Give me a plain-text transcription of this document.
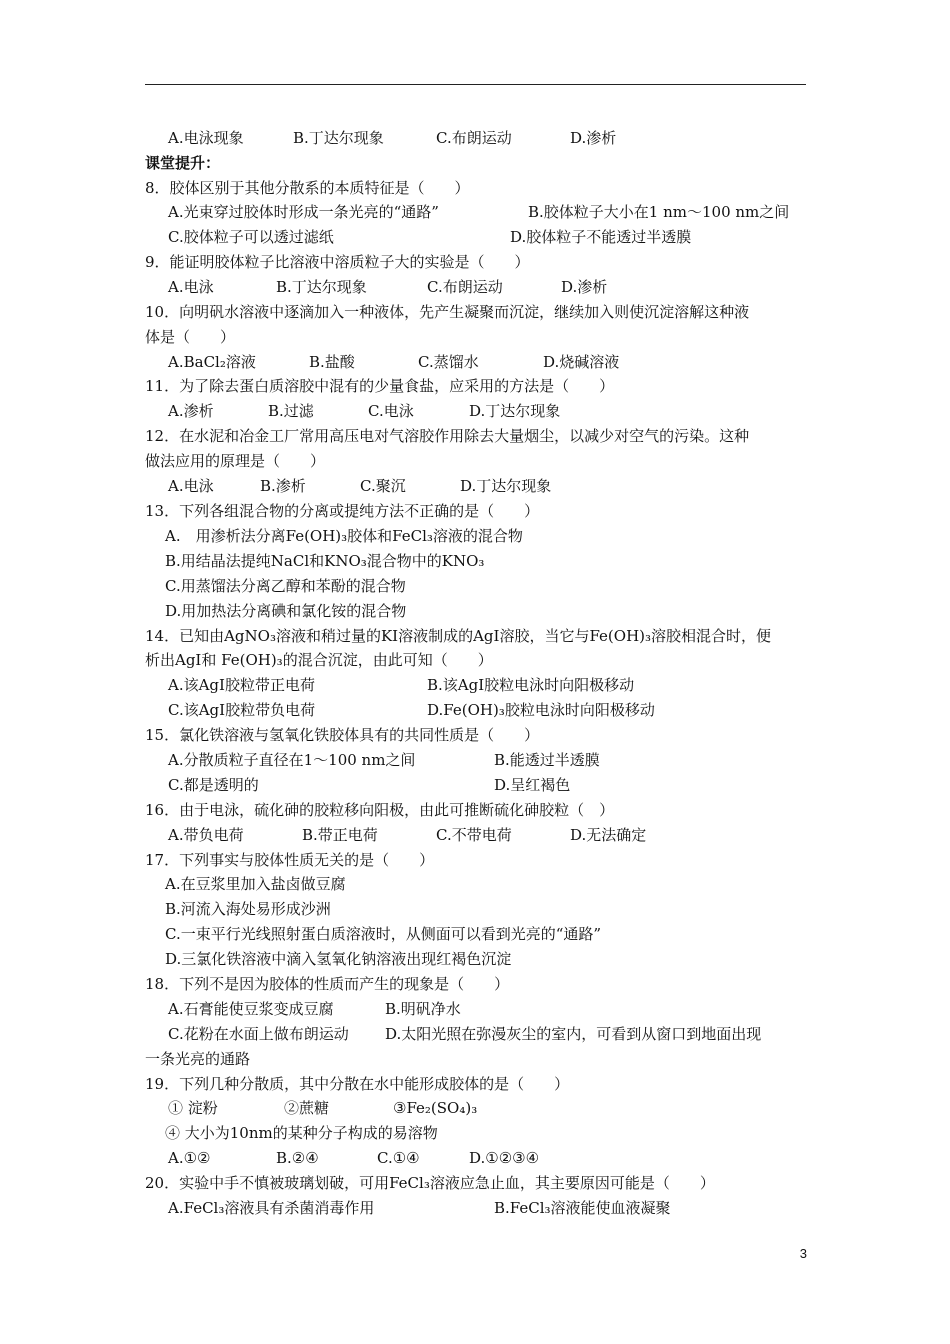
A.电泳现象	B.丁达尔现象	C.布朗运动	D.渗析
课堂提升：
8．胶体区别于其他分散系的本质特征是（　　）
A.光束穿过胶体时形成一条光亮的“通路”	B.胶体粒子大小在1 nm～100 nm之间
C.胶体粒子可以透过滤纸	D.胶体粒子不能透过半透膜
9．能证明胶体粒子比溶液中溶质粒子大的实验是（　　）
A.电泳	B.丁达尔现象	C.布朗运动	D.渗析
10．向明矾水溶液中逐滴加入一种液体，先产生凝聚而沉淀，继续加入则使沉淀溶解这种液
体是（　　）
A.BaCl₂溶液	B.盐酸	C.蒸馏水	D.烧碱溶液
11．为了除去蛋白质溶胶中混有的少量食盐，应采用的方法是（　　）
A.渗析	B.过滤	C.电泳	D.丁达尔现象
12．在水泥和冶金工厂常用高压电对气溶胶作用除去大量烟尘，以减少对空气的污染。这种
做法应用的原理是（　　）
A.电泳	B.渗析	C.聚沉	D.丁达尔现象
13．下列各组混合物的分离或提纯方法不正确的是（　　）
　A.　用渗析法分离Fe(OH)₃胶体和FeCl₃溶液的混合物
　B.用结晶法提纯NaCl和KNO₃混合物中的KNO₃
　C.用蒸馏法分离乙醇和苯酚的混合物
　D.用加热法分离碘和氯化铵的混合物
14．已知由AgNO₃溶液和稍过量的KI溶液制成的AgI溶胶，当它与Fe(OH)₃溶胶相混合时，便
析出AgI和 Fe(OH)₃的混合沉淀，由此可知（　　）
A.该AgI胶粒带正电荷	B.该AgI胶粒电泳时向阳极移动
C.该AgI胶粒带负电荷	D.Fe(OH)₃胶粒电泳时向阳极移动
15．氯化铁溶液与氢氧化铁胶体具有的共同性质是（　　）
A.分散质粒子直径在1～100 nm之间	B.能透过半透膜
C.都是透明的	D.呈红褐色
16．由于电泳，硫化砷的胶粒移向阳极，由此可推断硫化砷胶粒（　）
A.带负电荷	B.带正电荷	C.不带电荷	D.无法确定
17．下列事实与胶体性质无关的是（　　）
　A.在豆浆里加入盐卤做豆腐
　B.河流入海处易形成沙洲
　C.一束平行光线照射蛋白质溶液时，从侧面可以看到光亮的“通路”
　D.三氯化铁溶液中滴入氢氧化钠溶液出现红褐色沉淀
18．下列不是因为胶体的性质而产生的现象是（　　）
A.石膏能使豆浆变成豆腐	B.明矾净水
C.花粉在水面上做布朗运动 D.太阳光照在弥漫灰尘的室内，可看到从窗口到地面出现
一条光亮的通路
19．下列几种分散质，其中分散在水中能形成胶体的是（　　）
① 淀粉	②蔗糖	③Fe₂(SO₄)₃
　④ 大小为10nm的某种分子构成的易溶物
A.①②	B.②④	C.①④	D.①②③④
20．实验中手不慎被玻璃划破，可用FeCl₃溶液应急止血，其主要原因可能是（　　）
A.FeCl₃溶液具有杀菌消毒作用	B.FeCl₃溶液能使血液凝聚
3
